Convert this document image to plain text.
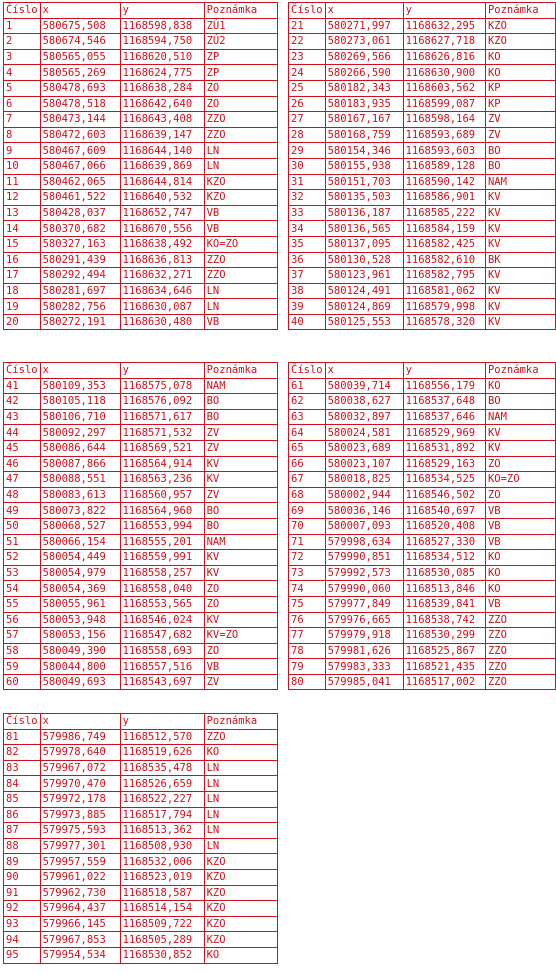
Číslo	x	y	Poznámka
1	580675,508	1168598,838	ZÚ1
2	580674,546	1168594,750	ZÚ2
3	580565,055	1168620,510	ZP
4	580565,269	1168624,775	ZP
5	580478,693	1168638,284	ZO
6	580478,518	1168642,640	ZO
7	580473,144	1168643,408	ZZO
8	580472,603	1168639,147	ZZO
9	580467,609	1168644,140	LN
10	580467,066	1168639,869	LN
11	580462,065	1168644,814	KZO
12	580461,522	1168640,532	KZO
13	580428,037	1168652,747	VB
14	580370,682	1168670,556	VB
15	580327,163	1168638,492	KO=ZO
16	580291,439	1168636,813	ZZO
17	580292,494	1168632,271	ZZO
18	580281,697	1168634,646	LN
19	580282,756	1168630,087	LN
20	580272,191	1168630,480	VB
Číslo	x	y	Poznámka
21	580271,997	1168632,295	KZO
22	580273,061	1168627,718	KZO
23	580269,566	1168626,816	KO
24	580266,590	1168630,900	KO
25	580182,343	1168603,562	KP
26	580183,935	1168599,087	KP
27	580167,167	1168598,164	ZV
28	580168,759	1168593,689	ZV
29	580154,346	1168593,603	BO
30	580155,938	1168589,128	BO
31	580151,703	1168590,142	NAM
32	580135,503	1168586,901	KV
33	580136,187	1168585,222	KV
34	580136,565	1168584,159	KV
35	580137,095	1168582,425	KV
36	580130,528	1168582,610	BK
37	580123,961	1168582,795	KV
38	580124,491	1168581,062	KV
39	580124,869	1168579,998	KV
40	580125,553	1168578,320	KV
Číslo	x	y	Poznámka
41	580109,353	1168575,078	NAM
42	580105,118	1168576,092	BO
43	580106,710	1168571,617	BO
44	580092,297	1168571,532	ZV
45	580086,644	1168569,521	ZV
46	580087,866	1168564,914	KV
47	580088,551	1168563,236	KV
48	580083,613	1168560,957	ZV
49	580073,822	1168564,960	BO
50	580068,527	1168553,994	BO
51	580066,154	1168555,201	NAM
52	580054,449	1168559,991	KV
53	580054,979	1168558,257	KV
54	580054,369	1168558,040	ZO
55	580055,961	1168553,565	ZO
56	580053,948	1168546,024	KV
57	580053,156	1168547,682	KV=ZO
58	580049,390	1168558,693	ZO
59	580044,800	1168557,516	VB
60	580049,693	1168543,697	ZV
Číslo	x	y	Poznámka
61	580039,714	1168556,179	KO
62	580038,627	1168537,648	BO
63	580032,897	1168537,646	NAM
64	580024,581	1168529,969	KV
65	580023,689	1168531,892	KV
66	580023,107	1168529,163	ZO
67	580018,825	1168534,525	KO=ZO
68	580002,944	1168546,502	ZO
69	580036,146	1168540,697	VB
70	580007,093	1168520,408	VB
71	579998,634	1168527,330	VB
72	579990,851	1168534,512	KO
73	579992,573	1168530,085	KO
74	579990,060	1168513,846	KO
75	579977,849	1168539,841	VB
76	579976,665	1168538,742	ZZO
77	579979,918	1168530,299	ZZO
78	579981,626	1168525,867	ZZO
79	579983,333	1168521,435	ZZO
80	579985,041	1168517,002	ZZO
Číslo	x	y	Poznámka
81	579986,749	1168512,570	ZZO
82	579978,640	1168519,626	KO
83	579967,072	1168535,478	LN
84	579970,470	1168526,659	LN
85	579972,178	1168522,227	LN
86	579973,885	1168517,794	LN
87	579975,593	1168513,362	LN
88	579977,301	1168508,930	LN
89	579957,559	1168532,006	KZO
90	579961,022	1168523,019	KZO
91	579962,730	1168518,587	KZO
92	579964,437	1168514,154	KZO
93	579966,145	1168509,722	KZO
94	579967,853	1168505,289	KZO
95	579954,534	1168530,852	KO
